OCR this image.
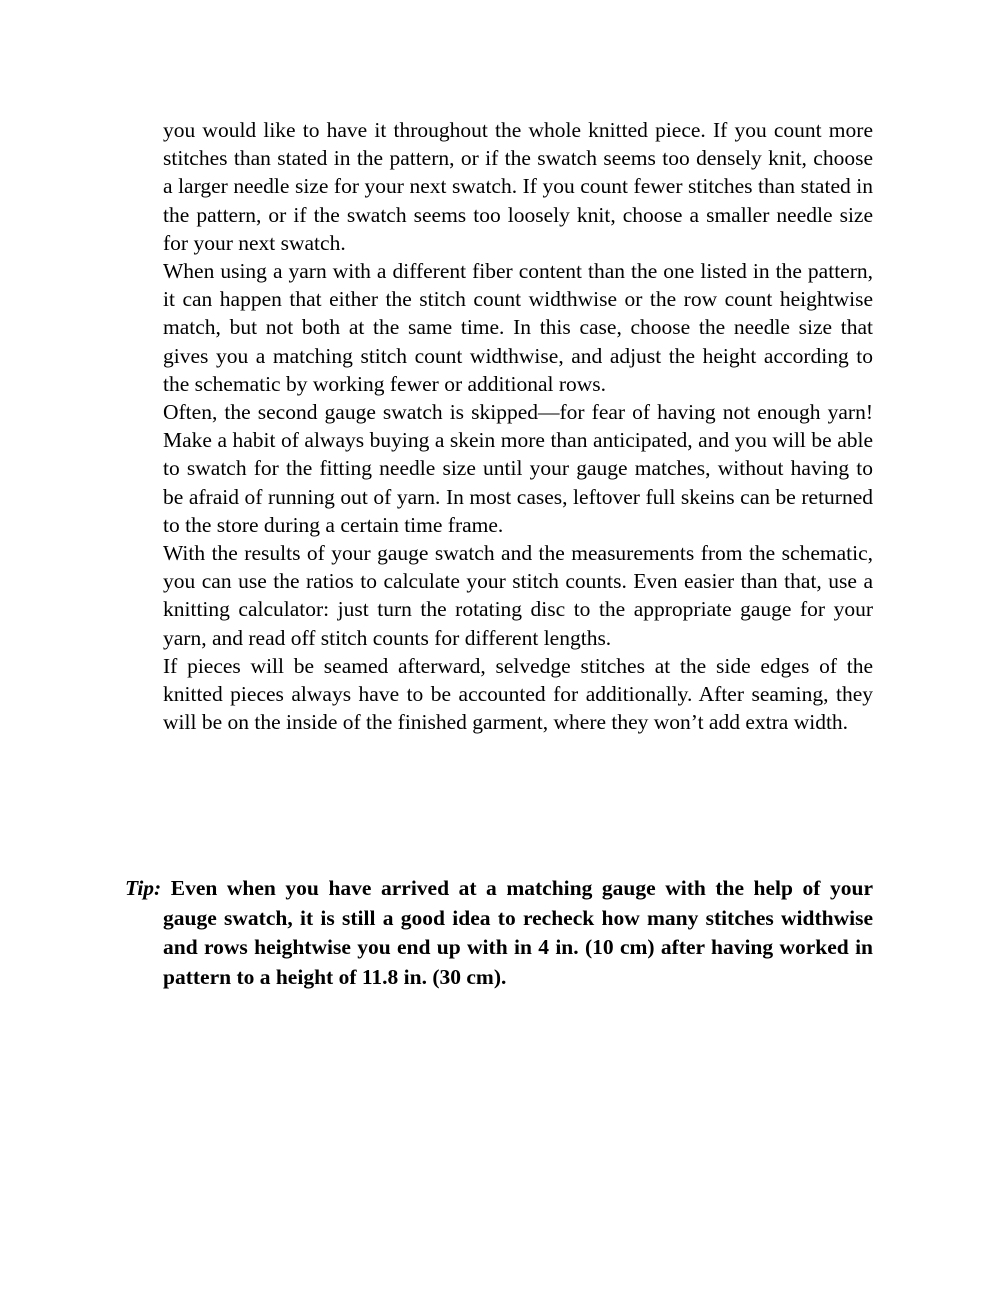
you would like to have it throughout the whole knitted piece. If you count more stitches than stated in the pattern, or if the swatch seems too densely knit, choose a larger needle size for your next swatch. If you count fewer stitches than stated in the pattern, or if the swatch seems too loosely knit, choose a smaller needle size for your next swatch.

When using a yarn with a different fiber content than the one listed in the pattern, it can happen that either the stitch count widthwise or the row count heightwise match, but not both at the same time. In this case, choose the needle size that gives you a matching stitch count widthwise, and adjust the height according to the schematic by working fewer or additional rows.

Often, the second gauge swatch is skipped—for fear of having not enough yarn! Make a habit of always buying a skein more than anticipated, and you will be able to swatch for the fitting needle size until your gauge matches, without having to be afraid of running out of yarn. In most cases, leftover full skeins can be returned to the store during a certain time frame.

With the results of your gauge swatch and the measurements from the schematic, you can use the ratios to calculate your stitch counts. Even easier than that, use a knitting calculator: just turn the rotating disc to the appropriate gauge for your yarn, and read off stitch counts for different lengths.

If pieces will be seamed afterward, selvedge stitches at the side edges of the knitted pieces always have to be accounted for additionally. After seaming, they will be on the inside of the finished garment, where they won’t add extra width.

Tip: Even when you have arrived at a matching gauge with the help of your gauge swatch, it is still a good idea to recheck how many stitches widthwise and rows heightwise you end up with in 4 in. (10 cm) after having worked in pattern to a height of 11.8 in. (30 cm).
